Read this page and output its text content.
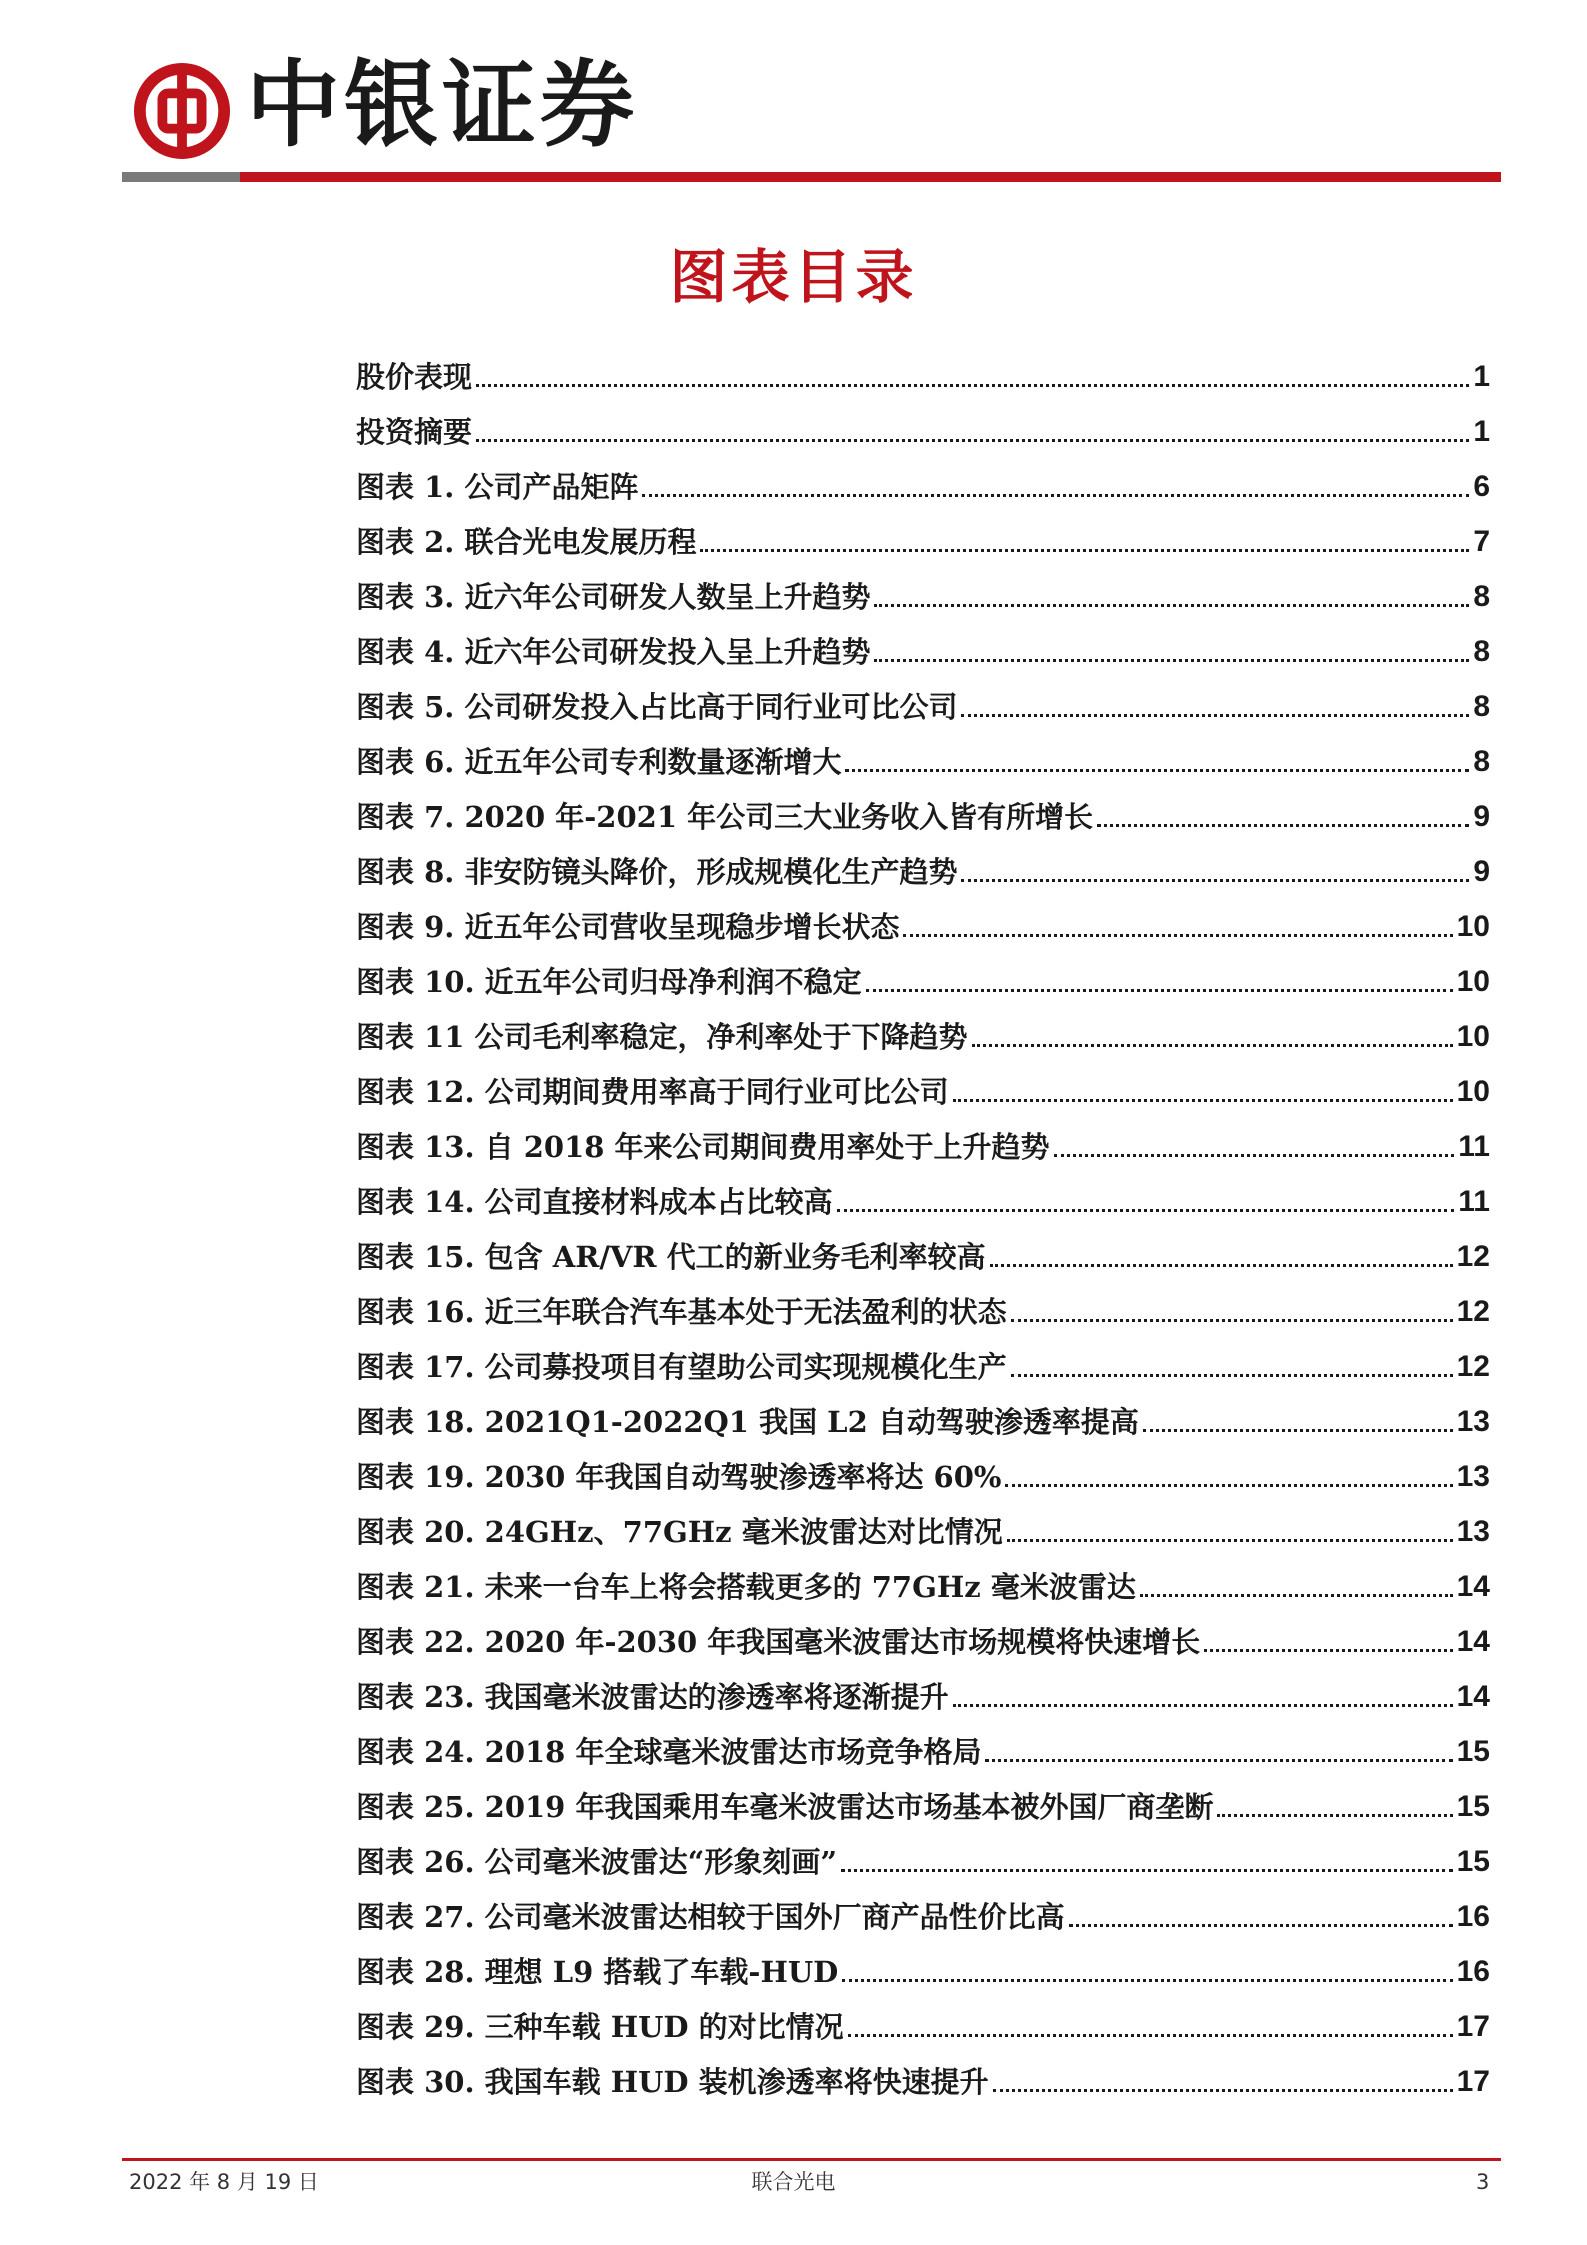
中银证券
图表目录
股价表现	1
投资摘要	1
图表 1. 公司产品矩阵	6
图表 2. 联合光电发展历程	7
图表 3. 近六年公司研发人数呈上升趋势	8
图表 4. 近六年公司研发投入呈上升趋势	8
图表 5. 公司研发投入占比高于同行业可比公司	8
图表 6. 近五年公司专利数量逐渐增大	8
图表 7. 2020 年-2021 年公司三大业务收入皆有所增长	9
图表 8. 非安防镜头降价，形成规模化生产趋势	9
图表 9. 近五年公司营收呈现稳步增长状态	10
图表 10. 近五年公司归母净利润不稳定	10
图表 11 公司毛利率稳定，净利率处于下降趋势	10
图表 12. 公司期间费用率高于同行业可比公司	10
图表 13. 自 2018 年来公司期间费用率处于上升趋势	11
图表 14. 公司直接材料成本占比较高	11
图表 15. 包含 AR/VR 代工的新业务毛利率较高	12
图表 16. 近三年联合汽车基本处于无法盈利的状态	12
图表 17. 公司募投项目有望助公司实现规模化生产	12
图表 18. 2021Q1-2022Q1 我国 L2 自动驾驶渗透率提高	13
图表 19. 2030 年我国自动驾驶渗透率将达 60%	13
图表 20. 24GHz、77GHz 毫米波雷达对比情况	13
图表 21. 未来一台车上将会搭载更多的 77GHz 毫米波雷达	14
图表 22. 2020 年-2030 年我国毫米波雷达市场规模将快速增长	14
图表 23. 我国毫米波雷达的渗透率将逐渐提升	14
图表 24. 2018 年全球毫米波雷达市场竞争格局	15
图表 25. 2019 年我国乘用车毫米波雷达市场基本被外国厂商垄断	15
图表 26. 公司毫米波雷达“形象刻画”	15
图表 27. 公司毫米波雷达相较于国外厂商产品性价比高	16
图表 28. 理想 L9 搭载了车载-HUD	16
图表 29. 三种车载 HUD 的对比情况	17
图表 30. 我国车载 HUD 装机渗透率将快速提升	17
2022 年 8 月 19 日	联合光电	3
